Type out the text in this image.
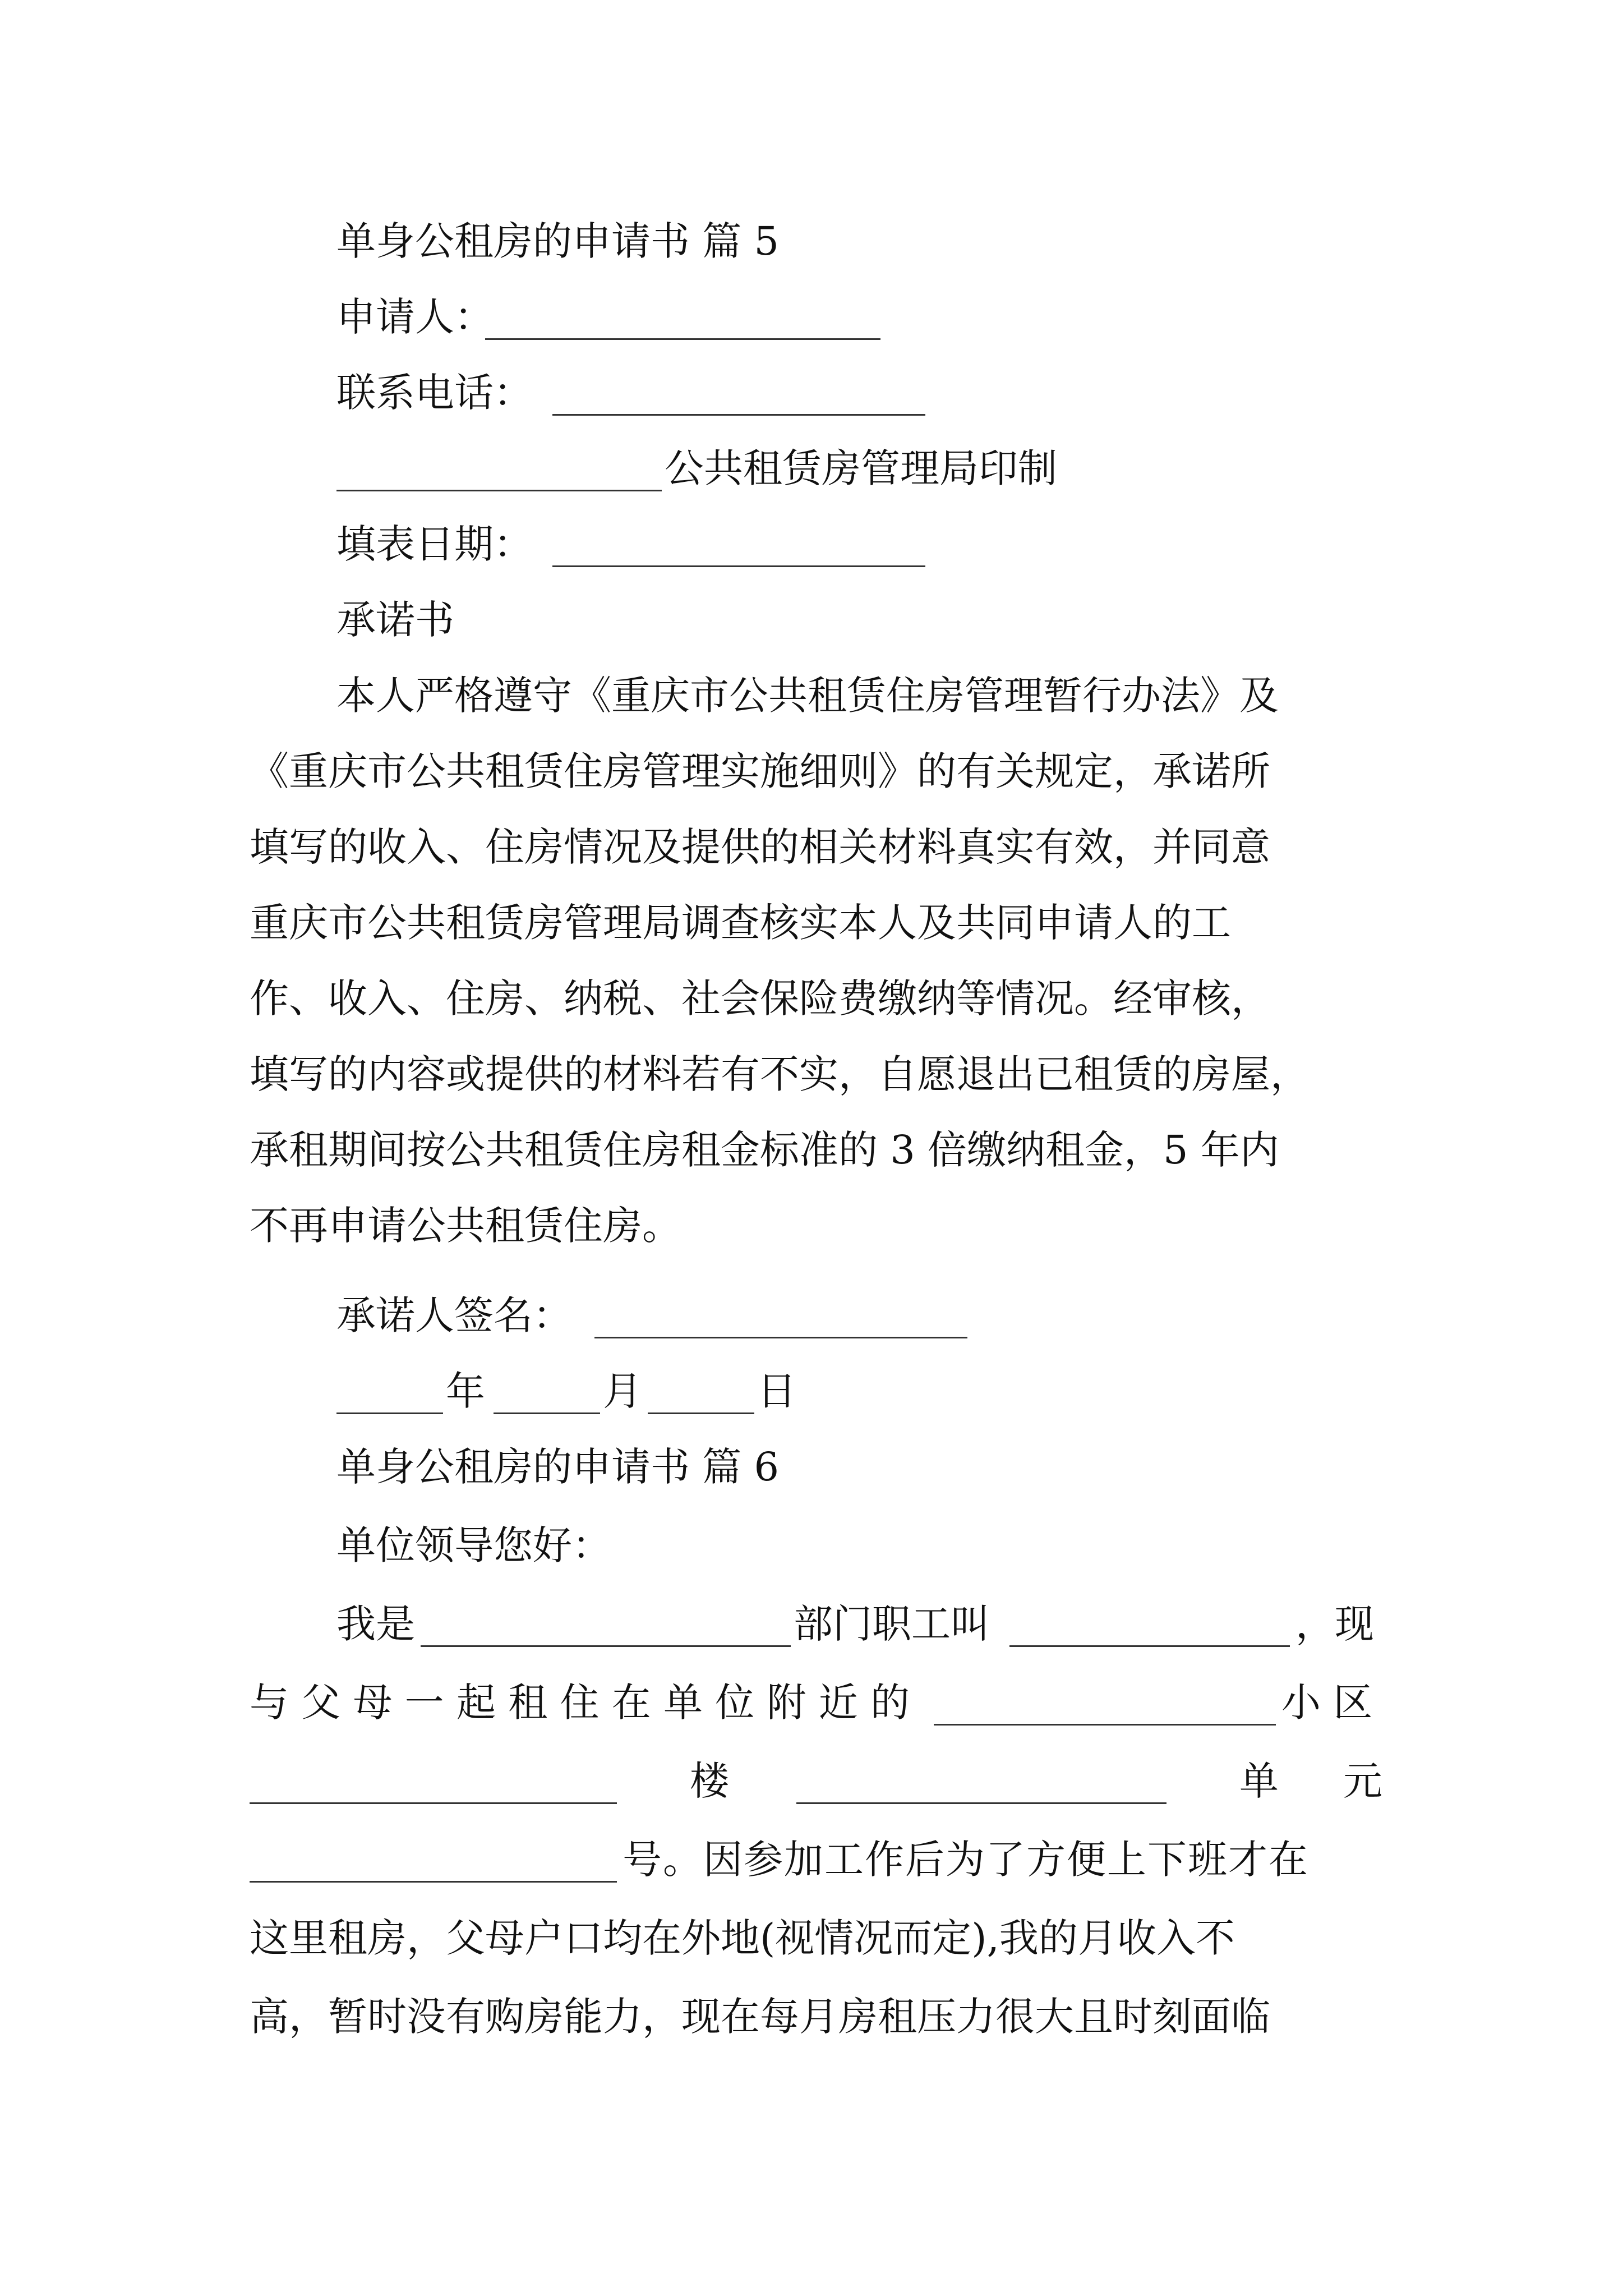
单身公租房的申请书 篇 5
申请人：
联系电话：
公共租赁房管理局印制
填表日期：
承诺书
本人严格遵守《重庆市公共租赁住房管理暂行办法》及
《重庆市公共租赁住房管理实施细则》的有关规定，承诺所
填写的收入、住房情况及提供的相关材料真实有效，并同意
重庆市公共租赁房管理局调查核实本人及共同申请人的工
作、收入、住房、纳税、社会保险费缴纳等情况。经审核，
填写的内容或提供的材料若有不实，自愿退出已租赁的房屋，
承租期间按公共租赁住房租金标准的 3 倍缴纳租金，5 年内
不再申请公共租赁住房。
承诺人签名：
年	月	日
单身公租房的申请书 篇 6
单位领导您好：
我是	部门职工叫	，现
与 父 母 一 起 租 住 在 单 位 附 近 的	小 区
楼	单 元
号。因参加工作后为了方便上下班才在
这里租房，父母户口均在外地(视情况而定),我的月收入不
高，暂时没有购房能力，现在每月房租压力很大且时刻面临
